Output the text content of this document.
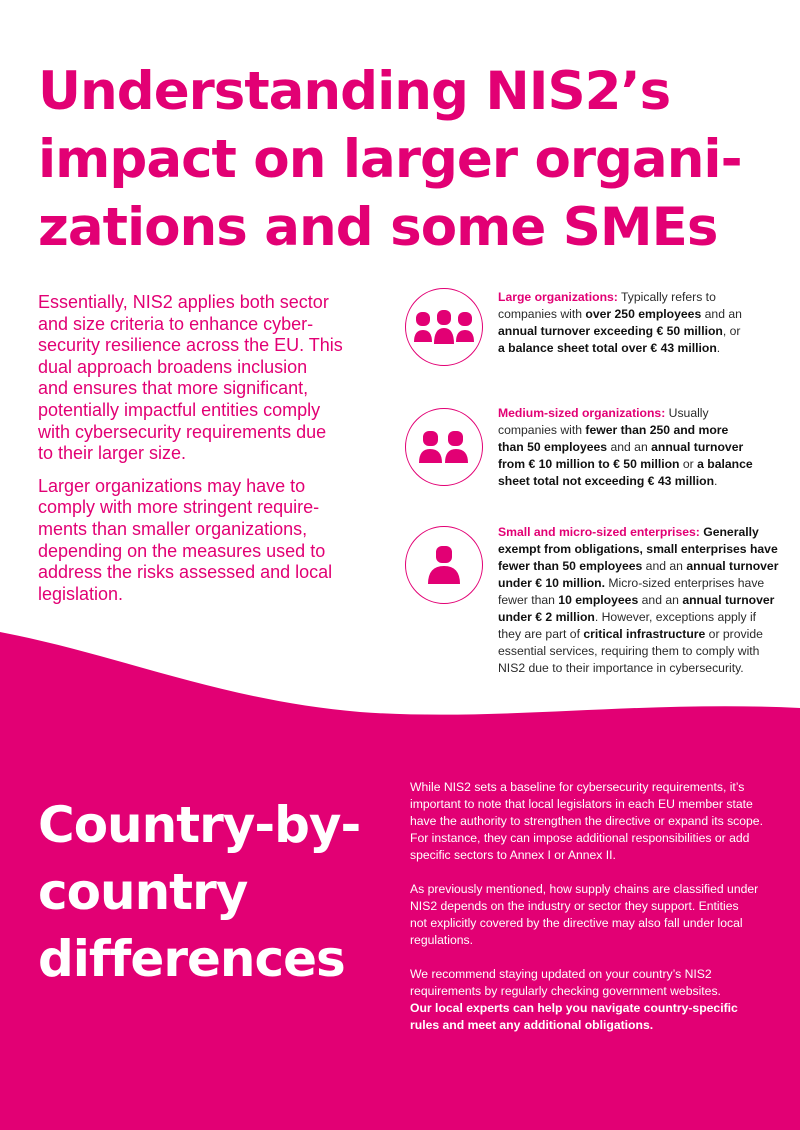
Understanding NIS2’s
impact on larger organi-
zations and some SMEs

Essentially, NIS2 applies both sector
and size criteria to enhance cyber-
security resilience across the EU. This
dual approach broadens inclusion
and ensures that more significant,
potentially impactful entities comply
with cybersecurity requirements due
to their larger size.

Larger organizations may have to
comply with more stringent require-
ments than smaller organizations,
depending on the measures used to
address the risks assessed and local
legislation.

Large organizations: Typically refers to
companies with over 250 employees and an
annual turnover exceeding € 50 million, or
a balance sheet total over € 43 million.
Medium-sized organizations: Usually
companies with fewer than 250 and more
than 50 employees and an annual turnover
from € 10 million to € 50 million or a balance
sheet total not exceeding € 43 million.
Small and micro-sized enterprises: Generally
exempt from obligations, small enterprises have
fewer than 50 employees and an annual turnover
under € 10 million. Micro-sized enterprises have
fewer than 10 employees and an annual turnover
under € 2 million. However, exceptions apply if
they are part of critical infrastructure or provide
essential services, requiring them to comply with
NIS2 due to their importance in cybersecurity.
Country-by-
country
differences
While NIS2 sets a baseline for cybersecurity requirements, it’s
important to note that local legislators in each EU member state
have the authority to strengthen the directive or expand its scope.
For instance, they can impose additional responsibilities or add
specific sectors to Annex I or Annex II.
As previously mentioned, how supply chains are classified under
NIS2 depends on the industry or sector they support. Entities
not explicitly covered by the directive may also fall under local
regulations.
We recommend staying updated on your country’s NIS2
requirements by regularly checking government websites.
Our local experts can help you navigate country-specific
rules and meet any additional obligations.
